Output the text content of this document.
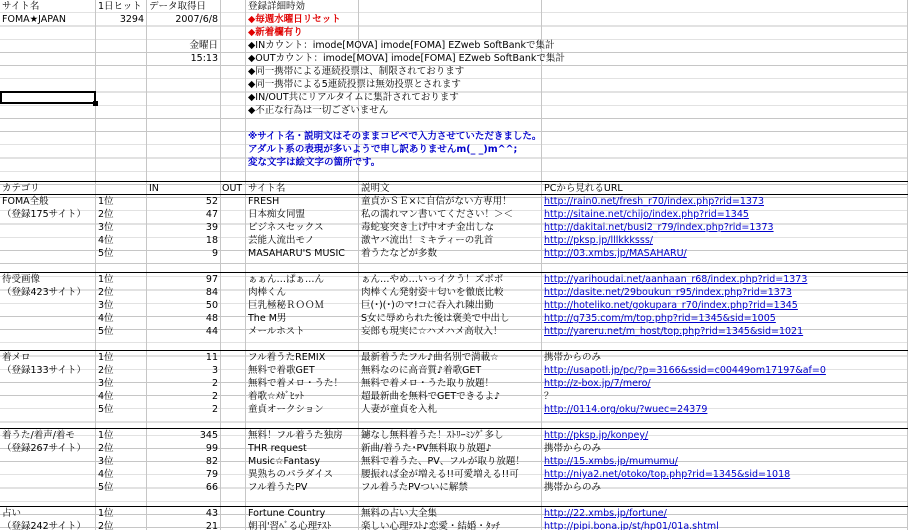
サイト名	1日ヒット データ取得日	登録詳細時効
FOMA★JAPAN	3294	2007/6/8	◆毎週水曜日リセット
◆新着欄有り
金曜日	◆INカウント：imode[MOVA] imode[FOMA] EZweb SoftBankで集計
15:13	◆OUTカウント：imode[MOVA] imode[FOMA] EZweb SoftBankで集計
◆同一携帯による連続投票は、制限されております
◆同一携帯による5連続投票は無効投票とされます
◆IN/OUT共にリアルタイムに集計されております
◆不正な行為は一切ございません
※サイト名・説明文はそのままコピペで入力させていただきました。
アダルト系の表現が多いようで申し訳ありませんm(_ _)m^^;
変な文字は絵文字の箇所です。
カテゴリ	IN	OUT サイト名	説明文	PCから見れるURL
FOMA全般
（登録175サイト）
1位	52	FRESH	童貞かＳＥ×に自信がない方専用！	http://rain0.net/fresh_r70/index.php?rid=1373
2位	47	日本痴女同盟	私の濡れマン書いてください！＞＜	http://sitaine.net/chijo/index.php?rid=1345
3位	39	ビジネスセックス	毒蛇宴突き上げ中オチ金出しな	http://dakitai.net/busi2_r79/index.php?rid=1373
4位	18	芸能人流出モノ	激ヤバ流出！ミキティーの乳首	http://pksp.jp/lllkkksss/
5位	9	MASAHARU'S MUSIC	着うたなどが多数	http://03.xmbs.jp/MASAHARU/
待受画像
（登録423サイト）
1位	97	ぁぁん…ぱぁ…ん	ぁん…やめ…いっイクう！ズボボ	http://yarihoudai.net/aanhaan_r68/index.php?rid=1373
2位	84	肉棒くん	肉棒くん発射姿＋匂いを徹底比較	http://dasite.net/29boukun_r95/index.php?rid=1373
3位	50	巨乳極秘ＲＯＯＭ	巨(･)(･)のマ!コに吞入れ陳出勤	http://hoteliko.net/gokupara_r70/index.php?rid=1345
4位	48	The M男	S女に辱められた後は褒美で中出し	http://g735.com/m/top.php?rid=1345&sid=1005
5位	44	メールホスト	妄郎も現実に☆ハメハメ高収入！	http://yareru.net/m_host/top.php?rid=1345&sid=1021
着メロ
（登録133サイト）
1位	11	フル着うたREMIX	最新着うたフル♪曲名別で満載☆	携帯からのみ
2位	3	無料で着歌GET	無料なのに高音質♪着歌GET	http://usapotl.jp/pc/?p=3166&ssid=c00449om17197&af=0
3位	2	無料で着メロ・うた！	無料で着メロ・うた取り放題！	http://z-box.jp/7/mero/
4位	2	着歌☆ﾒｶﾞﾋｯﾄ	超最新曲を無料でGETできるよ♪	？
5位	2	童貞オークション	人妻が童貞を入札	http://0114.org/oku/?wuec=24379
着うた/着声/着モ
（登録267サイト）
1位	345	無料！フル着うた独房	鑢なし無料着うた！ｽﾄﾘｰﾐﾝｸﾞ多し	http://pksp.jp/konpey/
2位	99	THR request	新曲/着うた･PV無料取り放題♪	携帯からのみ
3位	82	Music☆Fantasy	無料で着うた、PV、フルが取り放題！	http://15.xmbs.jp/mumumu/
4位	79	異熟ちのパラダイス	腰振れば金が増える!!可愛増える!!可	http://niya2.net/otoko/top.php?rid=1345&sid=1018
5位	66	フル着うたPV	フル着うたPVついに解禁	携帯からのみ
占い
（登録242サイト）
1位	43	Fortune Country	無料の占い大全集	http://22.xmbs.jp/fortune/
2位	21	朝刊'習ﾍﾞる心理ﾃｽﾄ	楽しい心理ﾃｽﾄ♪恋愛・結婚・ﾀｯﾁ	http://pipi.bona.jp/st/hp01/01a.shtml
